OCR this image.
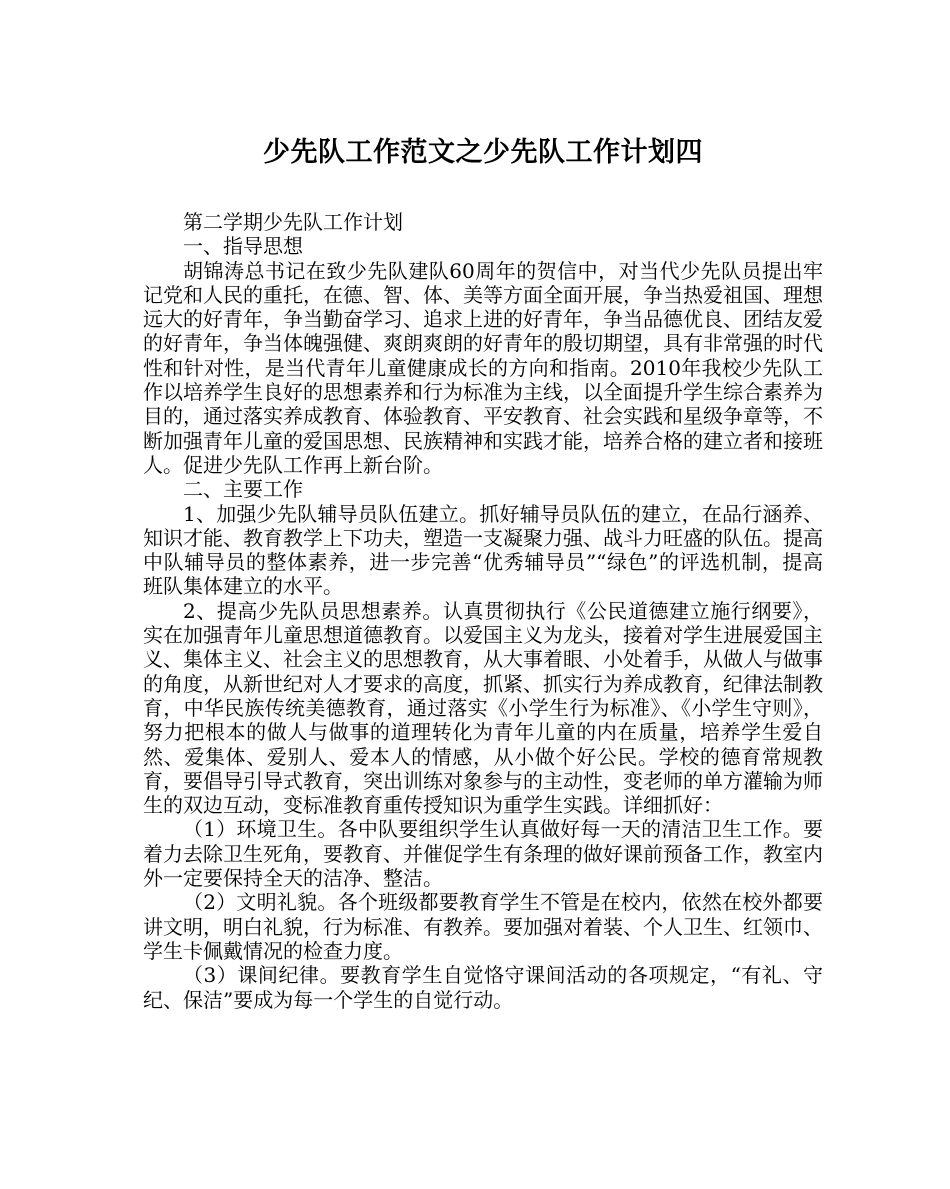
少先队工作范文之少先队工作计划四

第二学期少先队工作计划

一、指导思想

胡锦涛总书记在致少先队建队60周年的贺信中，对当代少先队员提出牢记党和人民的重托，在德、智、体、美等方面全面开展，争当热爱祖国、理想远大的好青年，争当勤奋学习、追求上进的好青年，争当品德优良、团结友爱的好青年，争当体魄强健、爽朗爽朗的好青年的殷切期望，具有非常强的时代性和针对性，是当代青年儿童健康成长的方向和指南。2010年我校少先队工作以培养学生良好的思想素养和行为标准为主线，以全面提升学生综合素养为目的，通过落实养成教育、体验教育、平安教育、社会实践和星级争章等，不断加强青年儿童的爱国思想、民族精神和实践才能，培养合格的建立者和接班人。促进少先队工作再上新台阶。

二、主要工作

1、加强少先队辅导员队伍建立。抓好辅导员队伍的建立，在品行涵养、知识才能、教育教学上下功夫，塑造一支凝聚力强、战斗力旺盛的队伍。提高中队辅导员的整体素养，进一步完善“优秀辅导员”“绿色”的评选机制，提高班队集体建立的水平。

2、提高少先队员思想素养。认真贯彻执行《公民道德建立施行纲要》，实在加强青年儿童思想道德教育。以爱国主义为龙头，接着对学生进展爱国主义、集体主义、社会主义的思想教育，从大事着眼、小处着手，从做人与做事的角度，从新世纪对人才要求的高度，抓紧、抓实行为养成教育，纪律法制教育，中华民族传统美德教育，通过落实《小学生行为标准》、《小学生守则》，努力把根本的做人与做事的道理转化为青年儿童的内在质量，培养学生爱自然、爱集体、爱别人、爱本人的情感，从小做个好公民。学校的德育常规教育，要倡导引导式教育，突出训练对象参与的主动性，变老师的单方灌输为师生的双边互动，变标准教育重传授知识为重学生实践。详细抓好：

（1）环境卫生。各中队要组织学生认真做好每一天的清洁卫生工作。要着力去除卫生死角，要教育、并催促学生有条理的做好课前预备工作，教室内外一定要保持全天的洁净、整洁。

（2）文明礼貌。各个班级都要教育学生不管是在校内，依然在校外都要讲文明，明白礼貌，行为标准、有教养。要加强对着装、个人卫生、红领巾、学生卡佩戴情况的检查力度。

（3）课间纪律。要教育学生自觉恪守课间活动的各项规定，“有礼、守纪、保洁”要成为每一个学生的自觉行动。
